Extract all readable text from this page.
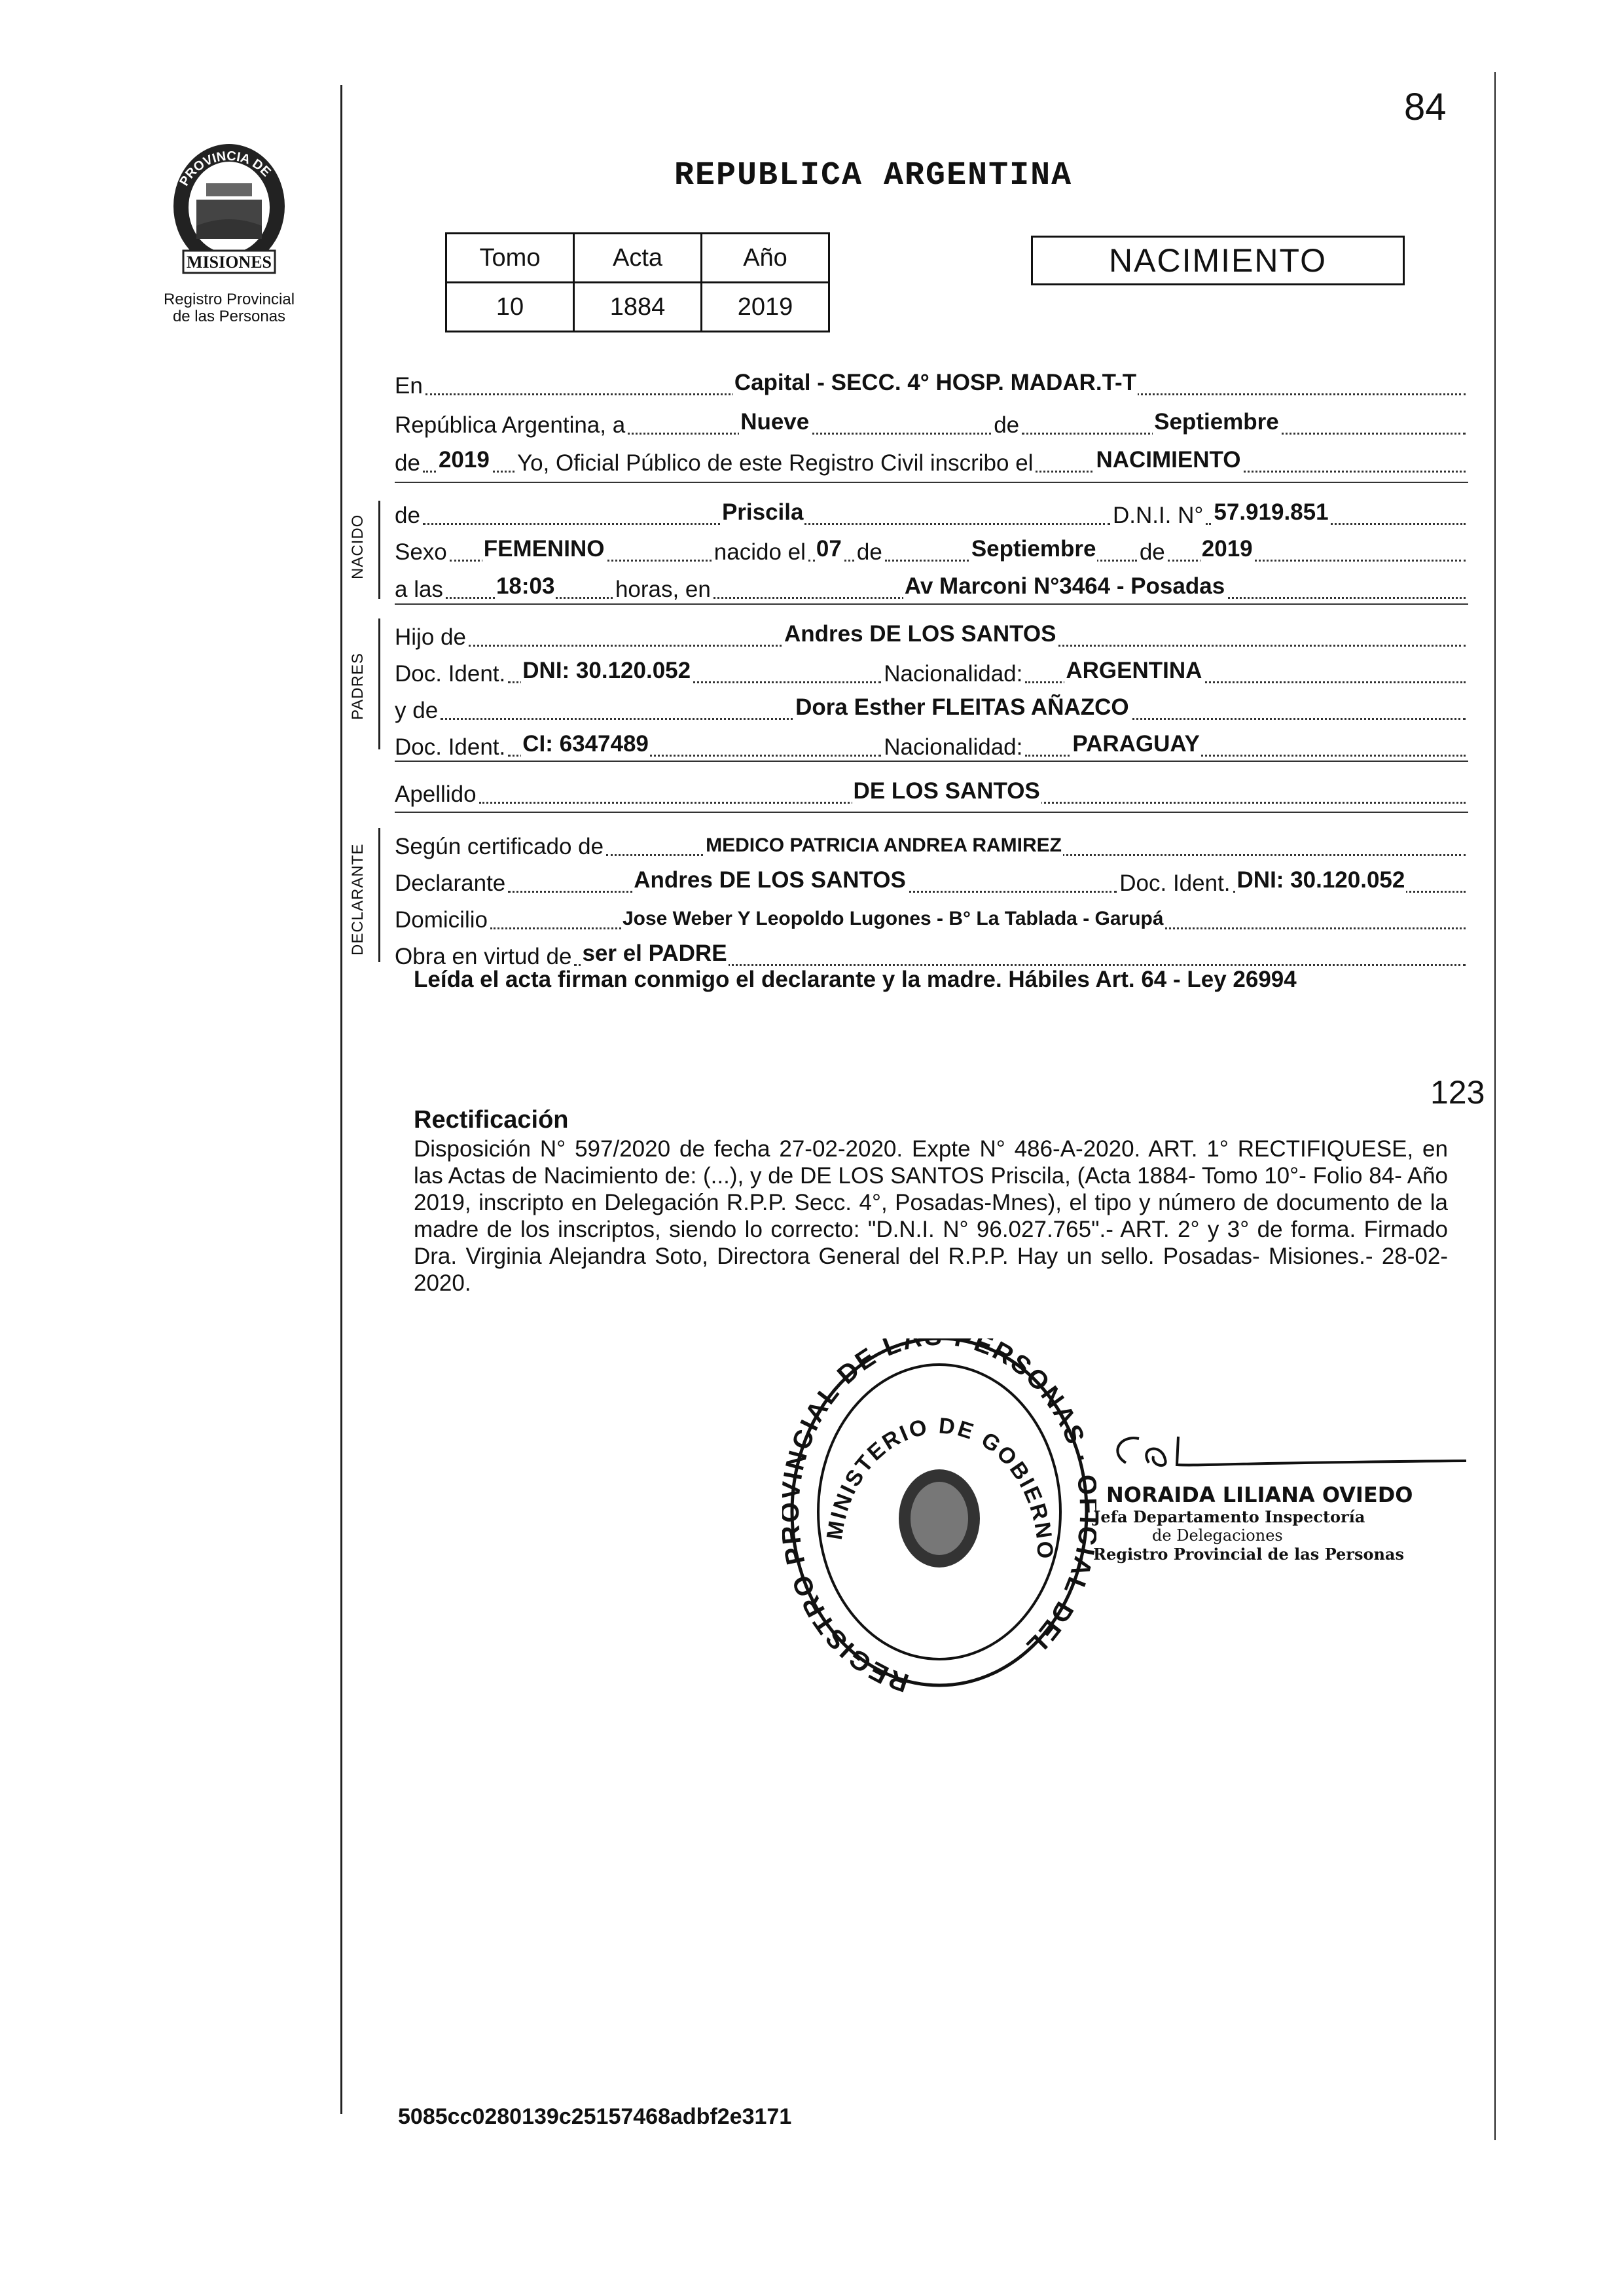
84
PROVINCIA DE
MISIONES
Registro Provincial
de las Personas
REPUBLICA ARGENTINA
Tomo	Acta	Año
10	1884	2019
NACIMIENTO
NACIDO
PADRES
DECLARANTE
En	Capital - SECC. 4° HOSP. MADAR.T-T
República Argentina, a	Nueve	de	Septiembre
de 2019 Yo, Oficial Público de este Registro Civil inscribo el	NACIMIENTO
de	Priscila	D.N.I. N° 57.919.851
Sexo FEMENINO	nacido el 07 de	Septiembre de 2019
a las 18:03	horas, en	Av Marconi N°3464 - Posadas
Hijo de	Andres DE LOS SANTOS
Doc. Ident. DNI: 30.120.052	Nacionalidad: ARGENTINA
y de	Dora Esther FLEITAS AÑAZCO
Doc. Ident. CI: 6347489	Nacionalidad: PARAGUAY
Apellido	DE LOS SANTOS
Según certificado de	MEDICO PATRICIA ANDREA RAMIREZ
Declarante	Andres DE LOS SANTOS	Doc. Ident. DNI: 30.120.052
Domicilio	Jose Weber Y Leopoldo Lugones - B° La Tablada - Garupá
Obra en virtud de ser el PADRE
Leída el acta firman conmigo el declarante y la madre. Hábiles Art. 64 - Ley 26994
123
Rectificación
Disposición N° 597/2020 de fecha 27-02-2020. Expte N° 486-A-2020. ART. 1° RECTIFIQUESE, en las Actas de Nacimiento de: (...), y de DE LOS SANTOS Priscila, (Acta 1884- Tomo 10°- Folio 84- Año 2019, inscripto en Delegación R.P.P. Secc. 4°, Posadas-Mnes), el tipo y número de documento de la madre de los inscriptos, siendo lo correcto: "D.N.I. N° 96.027.765".- ART. 2° y 3° de forma. Firmado Dra. Virginia Alejandra Soto, Directora General del R.P.P. Hay un sello. Posadas- Misiones.- 28-02-2020.
REGISTRO NCIAL DE LA PERSONAS · AL DEL
MINISTERIO DE GOBIERNO
NORAIDA LILIANA OVIEDO
Jefa Departamento Inspectoría
de Delegaciones
Registro Provincial de las Personas
5085cc0280139c25157468adbf2e3171
